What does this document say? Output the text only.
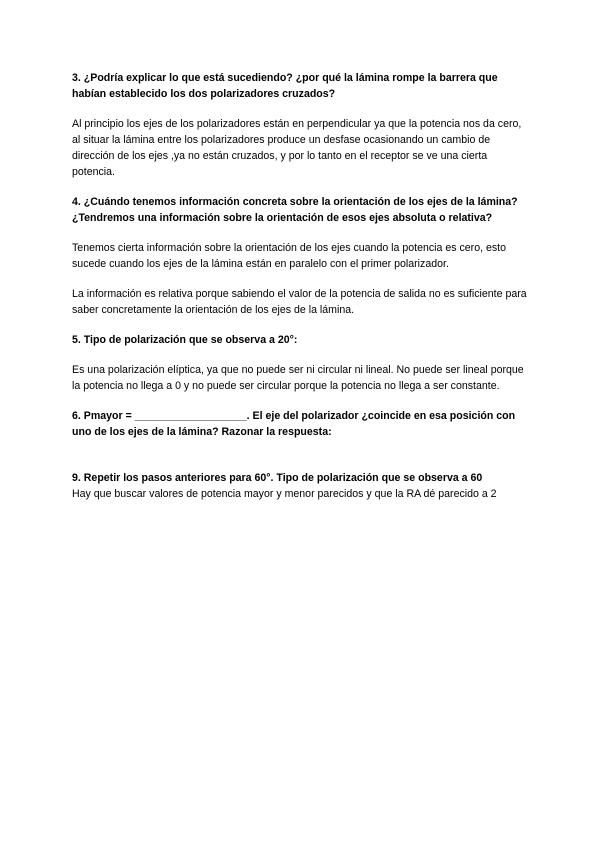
3. ¿Podría explicar lo que está sucediendo? ¿por qué la lámina rompe la barrera que habían establecido los dos polarizadores cruzados?

Al principio los ejes de los polarizadores están en perpendicular ya que la potencia nos da cero, al situar la lámina entre los polarizadores produce un desfase ocasionando un cambio de dirección de los ejes ,ya no están cruzados, y por lo tanto en el receptor se ve una cierta potencia.

4. ¿Cuándo tenemos información concreta sobre la orientación de los ejes de la lámina? ¿Tendremos una información sobre la orientación de esos ejes absoluta o relativa?

Tenemos cierta información sobre la orientación de los ejes cuando la potencia es cero, esto sucede cuando los ejes de la lámina están en paralelo con el primer polarizador.

La información es relativa porque sabiendo el valor de la potencia de salida no es suficiente para saber concretamente la orientación de los ejes de la lámina.

5. Tipo de polarización que se observa a 20°:

Es una polarización elíptica, ya que no puede ser ni circular ni lineal. No puede ser lineal porque la potencia no llega a 0 y no puede ser circular porque la potencia no llega a ser constante.

6. Pmayor = ___________________. El eje del polarizador ¿coincide en esa posición con uno de los ejes de la lámina? Razonar la respuesta:

9. Repetir los pasos anteriores para 60°. Tipo de polarización que se observa a 60

Hay que buscar valores de potencia mayor y menor parecidos y que la RA dé parecido a 2
